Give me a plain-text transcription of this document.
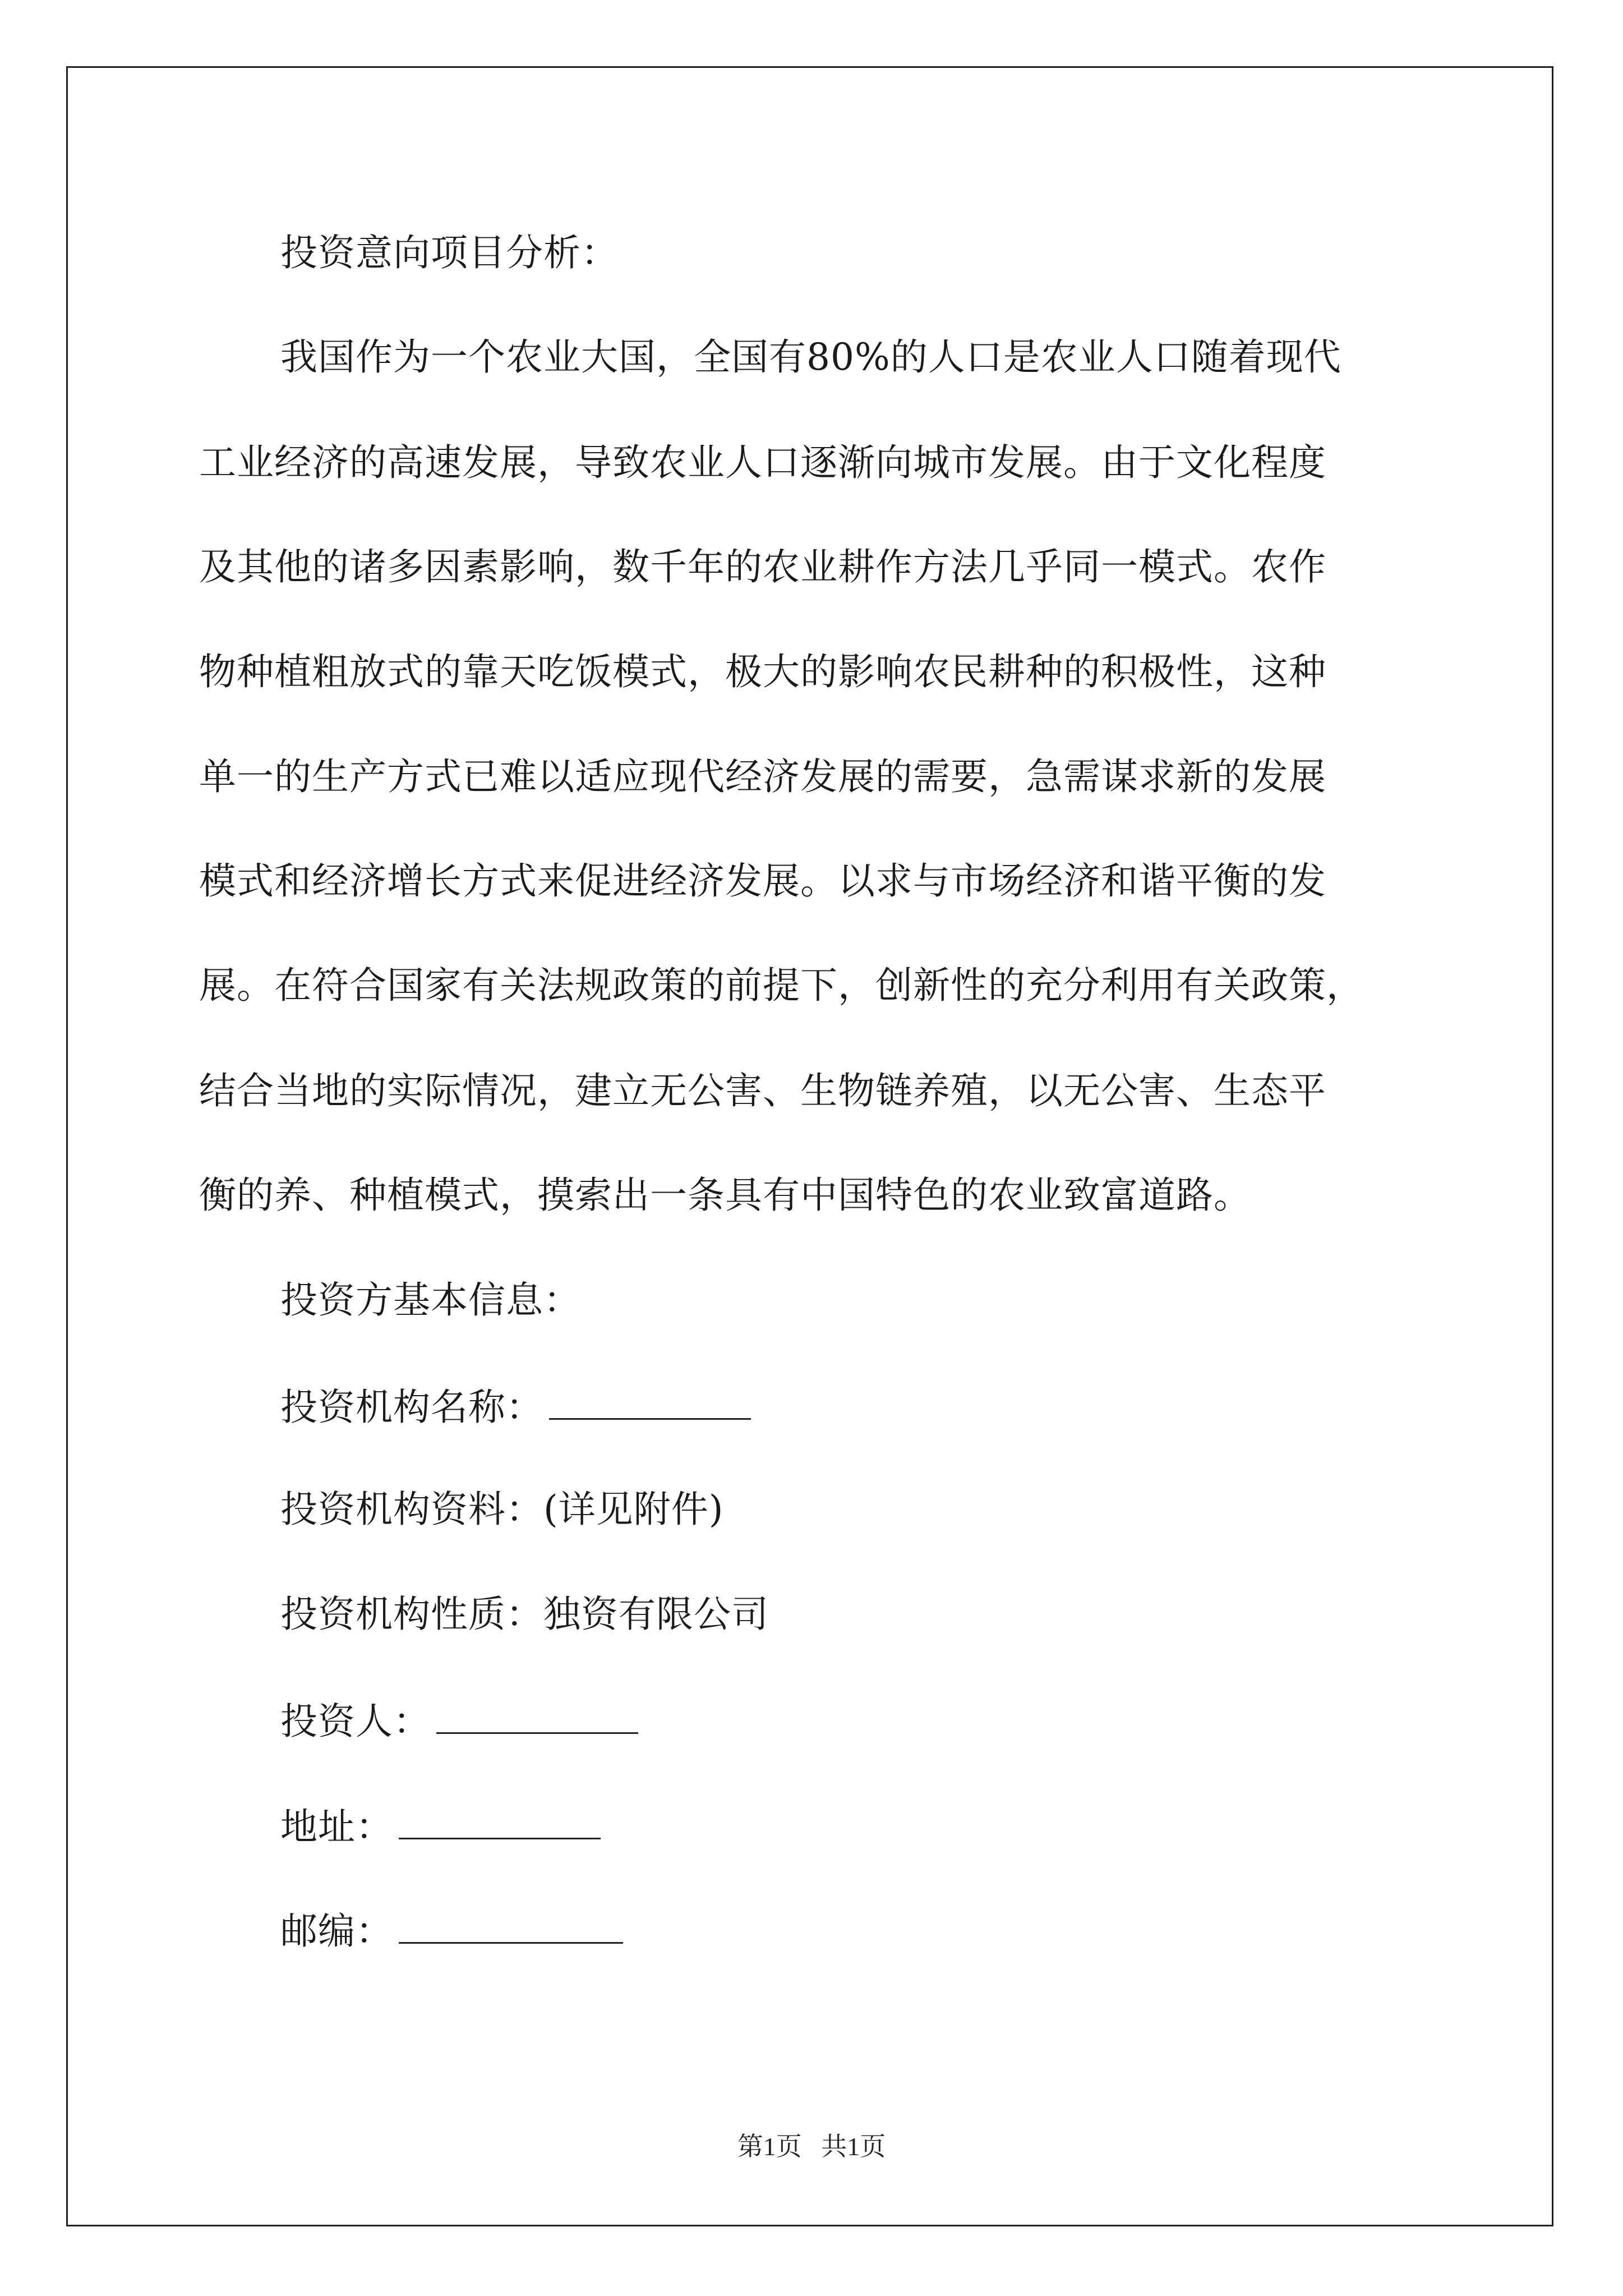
投资意向项目分析：
我国作为一个农业大国，全国有80%的人口是农业人口随着现代
工业经济的高速发展，导致农业人口逐渐向城市发展。由于文化程度
及其他的诸多因素影响，数千年的农业耕作方法几乎同一模式。农作
物种植粗放式的靠天吃饭模式，极大的影响农民耕种的积极性，这种
单一的生产方式已难以适应现代经济发展的需要，急需谋求新的发展
模式和经济增长方式来促进经济发展。以求与市场经济和谐平衡的发
展。在符合国家有关法规政策的前提下，创新性的充分利用有关政策，
结合当地的实际情况，建立无公害、生物链养殖，以无公害、生态平
衡的养、种植模式，摸索出一条具有中国特色的农业致富道路。
投资方基本信息：
投资机构名称：
投资机构资料：(详见附件)
投资机构性质：独资有限公司
投资人：
地址：
邮编：
第1页   共1页
